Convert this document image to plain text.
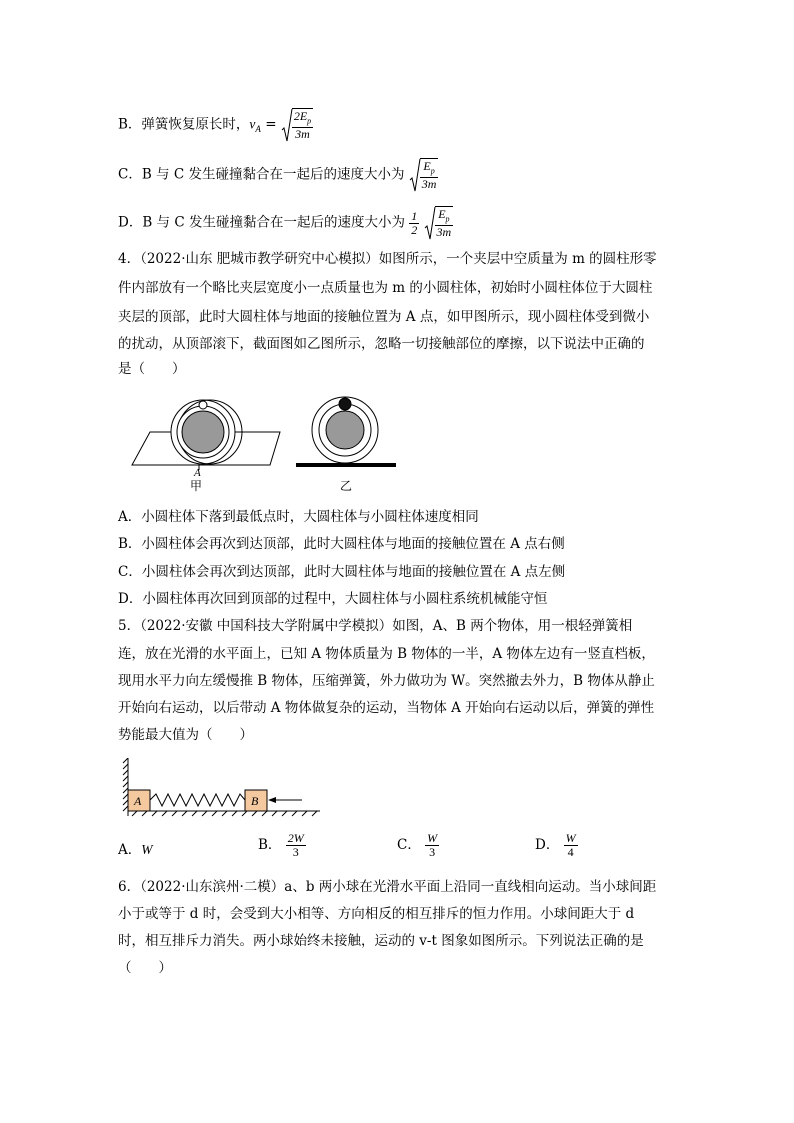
B．弹簧恢复原长时，$v_A = \frac{2E_p}{3m}$
C．B 与 C 发生碰撞黏合在一起后的速度大小为 $\frac{E_p}{3m}$
D．B 与 C 发生碰撞黏合在一起后的速度大小为 $\frac{1}{2}$
$\frac{E_p}{3m}$
4．（2022·山东 肥城市教学研究中心模拟）如图所示，一个夹层中空质量为 m 的圆柱形零
件内部放有一个略比夹层宽度小一点质量也为 m 的小圆柱体，初始时小圆柱体位于大圆柱
夹层的顶部，此时大圆柱体与地面的接触位置为 A 点，如甲图所示，现小圆柱体受到微小
的扰动，从顶部滚下，截面图如乙图所示，忽略一切接触部位的摩擦，以下说法中正确的
是（　　）
A
甲	乙
A．小圆柱体下落到最低点时，大圆柱体与小圆柱体速度相同
B．小圆柱体会再次到达顶部，此时大圆柱体与地面的接触位置在 A 点右侧
C．小圆柱体会再次到达顶部，此时大圆柱体与地面的接触位置在 A 点左侧
D．小圆柱体再次回到顶部的过程中，大圆柱体与小圆柱系统机械能守恒
5．（2022·安徽 中国科技大学附属中学模拟）如图，A、B 两个物体，用一根轻弹簧相
连，放在光滑的水平面上，已知 A 物体质量为 B 物体的一半，A 物体左边有一竖直档板，
现用水平力向左缓慢推 B 物体，压缩弹簧，外力做功为 W。突然撤去外力，B 物体从静止
开始向右运动，以后带动 A 物体做复杂的运动，当物体 A 开始向右运动以后，弹簧的弹性
势能最大值为（　　）
A	B
A．W	B． $\frac{2W}{3}$	C． $\frac{W}{3}$	D． $\frac{W}{4}$
6．（2022·山东滨州·二模）a、b 两小球在光滑水平面上沿同一直线相向运动。当小球间距
小于或等于 d 时，会受到大小相等、方向相反的相互排斥的恒力作用。小球间距大于 d
时，相互排斥力消失。两小球始终未接触，运动的 v-t 图象如图所示。下列说法正确的是
（　　）
